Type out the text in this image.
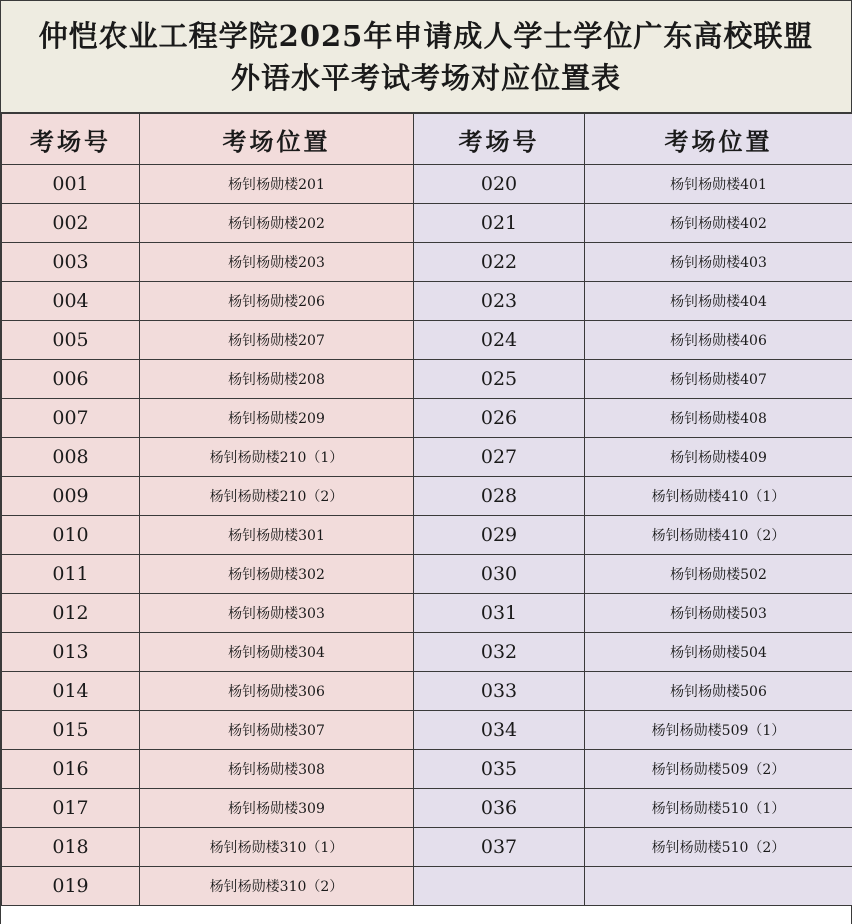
仲恺农业工程学院2025年申请成人学士学位广东高校联盟
外语水平考试考场对应位置表
考场号	考场位置	考场号	考场位置
001	杨钊杨勋楼201	020	杨钊杨勋楼401
002	杨钊杨勋楼202	021	杨钊杨勋楼402
003	杨钊杨勋楼203	022	杨钊杨勋楼403
004	杨钊杨勋楼206	023	杨钊杨勋楼404
005	杨钊杨勋楼207	024	杨钊杨勋楼406
006	杨钊杨勋楼208	025	杨钊杨勋楼407
007	杨钊杨勋楼209	026	杨钊杨勋楼408
008	杨钊杨勋楼210（1）	027	杨钊杨勋楼409
009	杨钊杨勋楼210（2）	028	杨钊杨勋楼410（1）
010	杨钊杨勋楼301	029	杨钊杨勋楼410（2）
011	杨钊杨勋楼302	030	杨钊杨勋楼502
012	杨钊杨勋楼303	031	杨钊杨勋楼503
013	杨钊杨勋楼304	032	杨钊杨勋楼504
014	杨钊杨勋楼306	033	杨钊杨勋楼506
015	杨钊杨勋楼307	034	杨钊杨勋楼509（1）
016	杨钊杨勋楼308	035	杨钊杨勋楼509（2）
017	杨钊杨勋楼309	036	杨钊杨勋楼510（1）
018	杨钊杨勋楼310（1）	037	杨钊杨勋楼510（2）
019	杨钊杨勋楼310（2）		
